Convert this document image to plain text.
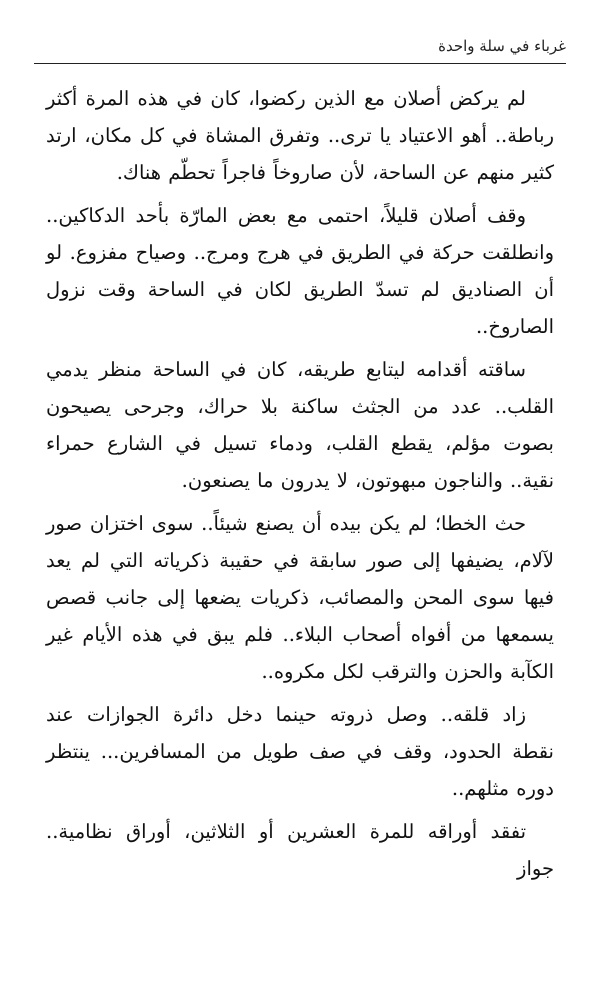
غرباء في سلة واحدة

لم يركض أصلان مع الذين ركضوا، كان في هذه المرة أكثر رباطة.. أهو الاعتياد يا ترى.. وتفرق المشاة في كل مكان، ارتد كثير منهم عن الساحة، لأن صاروخاً فاجراً تحطّم هناك.

وقف أصلان قليلاً، احتمى مع بعض المارّة بأحد الدكاكين.. وانطلقت حركة في الطريق في هرج ومرج.. وصياح مفزوع. لو أن الصناديق لم تسدّ الطريق لكان في الساحة وقت نزول الصاروخ..

ساقته أقدامه ليتابع طريقه، كان في الساحة منظر يدمي القلب.. عدد من الجثث ساكنة بلا حراك، وجرحى يصيحون بصوت مؤلم، يقطع القلب، ودماء تسيل في الشارع حمراء نقية.. والناجون مبهوتون، لا يدرون ما يصنعون.

حث الخطا؛ لم يكن بيده أن يصنع شيئاً.. سوى اختزان صور لآلام، يضيفها إلى صور سابقة في حقيبة ذكرياته التي لم يعد فيها سوى المحن والمصائب، ذكريات يضعها إلى جانب قصص يسمعها من أفواه أصحاب البلاء.. فلم يبق في هذه الأيام غير الكآبة والحزن والترقب لكل مكروه..

زاد قلقه.. وصل ذروته حينما دخل دائرة الجوازات عند نقطة الحدود، وقف في صف طويل من المسافرين... ينتظر دوره مثلهم..

تفقد أوراقه للمرة العشرين أو الثلاثين، أوراق نظامية.. جواز
